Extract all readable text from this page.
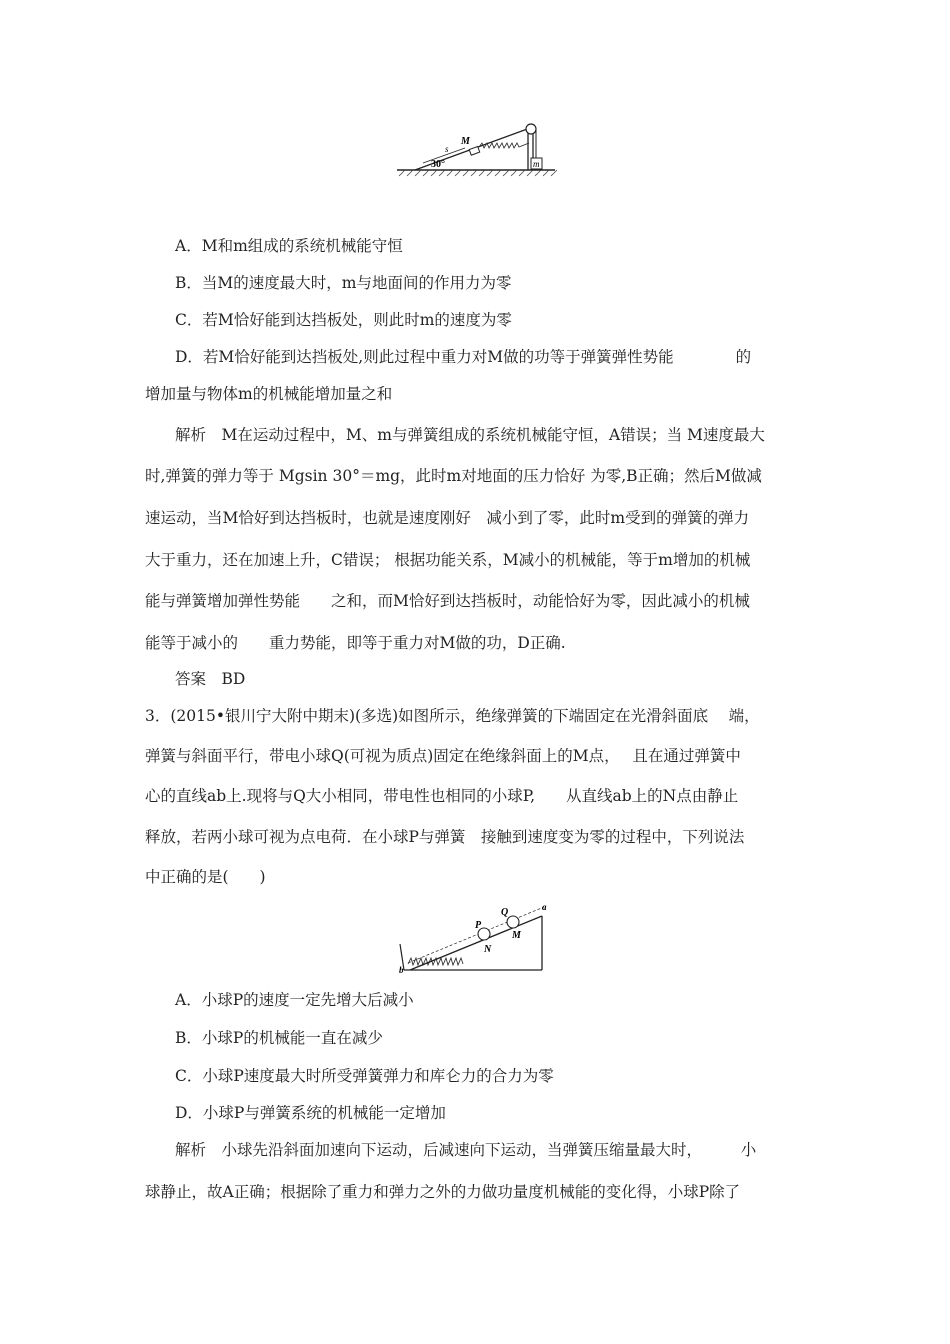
m
s
M
30°
A．M和m组成的系统机械能守恒
B．当M的速度最大时，m与地面间的作用力为零
C．若M恰好能到达挡板处，则此时m的速度为零
D．若M恰好能到达挡板处,则此过程中重力对M做的功等于弹簧弹性势能　　　　的
增加量与物体m的机械能增加量之和
解析　M在运动过程中，M、m与弹簧组成的系统机械能守恒，A错误；当 M速度最大
时,弹簧的弹力等于 Mgsin 30°＝mg，此时m对地面的压力恰好 为零,B正确；然后M做减
速运动，当M恰好到达挡板时，也就是速度刚好　减小到了零，此时m受到的弹簧的弹力
大于重力，还在加速上升，C错误； 根据功能关系，M减小的机械能，等于m增加的机械
能与弹簧增加弹性势能　　之和，而M恰好到达挡板时，动能恰好为零，因此减小的机械
能等于减小的　　重力势能，即等于重力对M做的功，D正确.
答案　BD
3．(2015•银川宁大附中期末)(多选)如图所示，绝缘弹簧的下端固定在光滑斜面底　 端，
弹簧与斜面平行，带电小球Q(可视为质点)固定在绝缘斜面上的M点，　 且在通过弹簧中
心的直线ab上.现将与Q大小相同，带电性也相同的小球P,　　从直线ab上的N点由静止
释放，若两小球可视为点电荷．在小球P与弹簧　接触到速度变为零的过程中，下列说法
中正确的是(　　)
P
Q	a
M
N
b
A．小球P的速度一定先增大后减小
B．小球P的机械能一直在减少
C．小球P速度最大时所受弹簧弹力和库仑力的合力为零
D．小球P与弹簧系统的机械能一定增加
解析　小球先沿斜面加速向下运动，后减速向下运动，当弹簧压缩量最大时，　　　小
球静止，故A正确；根据除了重力和弹力之外的力做功量度机械能的变化得，小球P除了
